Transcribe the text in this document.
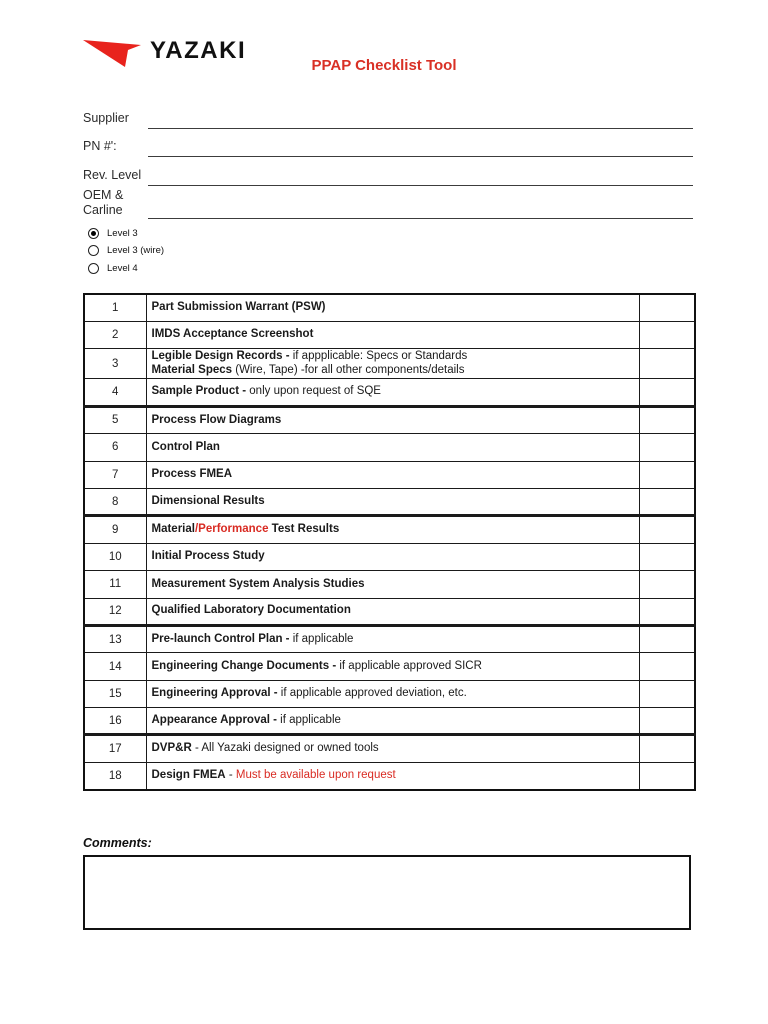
YAZAKI
PPAP Checklist Tool
Supplier
PN #':
Rev. Level
OEM &
Carline
Level 3
Level 3 (wire)
Level 4
1	Part Submission Warrant (PSW)	
2	IMDS Acceptance Screenshot	
3	Legible Design Records - if appplicable: Specs or Standards
Material Specs (Wire, Tape) -for all other components/details	
4	Sample Product - only upon request of SQE	
5	Process Flow Diagrams	
6	Control Plan	
7	Process FMEA	
8	Dimensional Results	
9	Material/Performance Test Results	
10	Initial Process Study	
11	Measurement System Analysis Studies	
12	Qualified Laboratory Documentation	
13	Pre-launch Control Plan - if applicable	
14	Engineering Change Documents - if applicable approved SICR	
15	Engineering Approval - if applicable approved deviation, etc.	
16	Appearance Approval - if applicable	
17	DVP&R - All Yazaki designed or owned tools	
18	Design FMEA - Must be available upon request	
Comments:
